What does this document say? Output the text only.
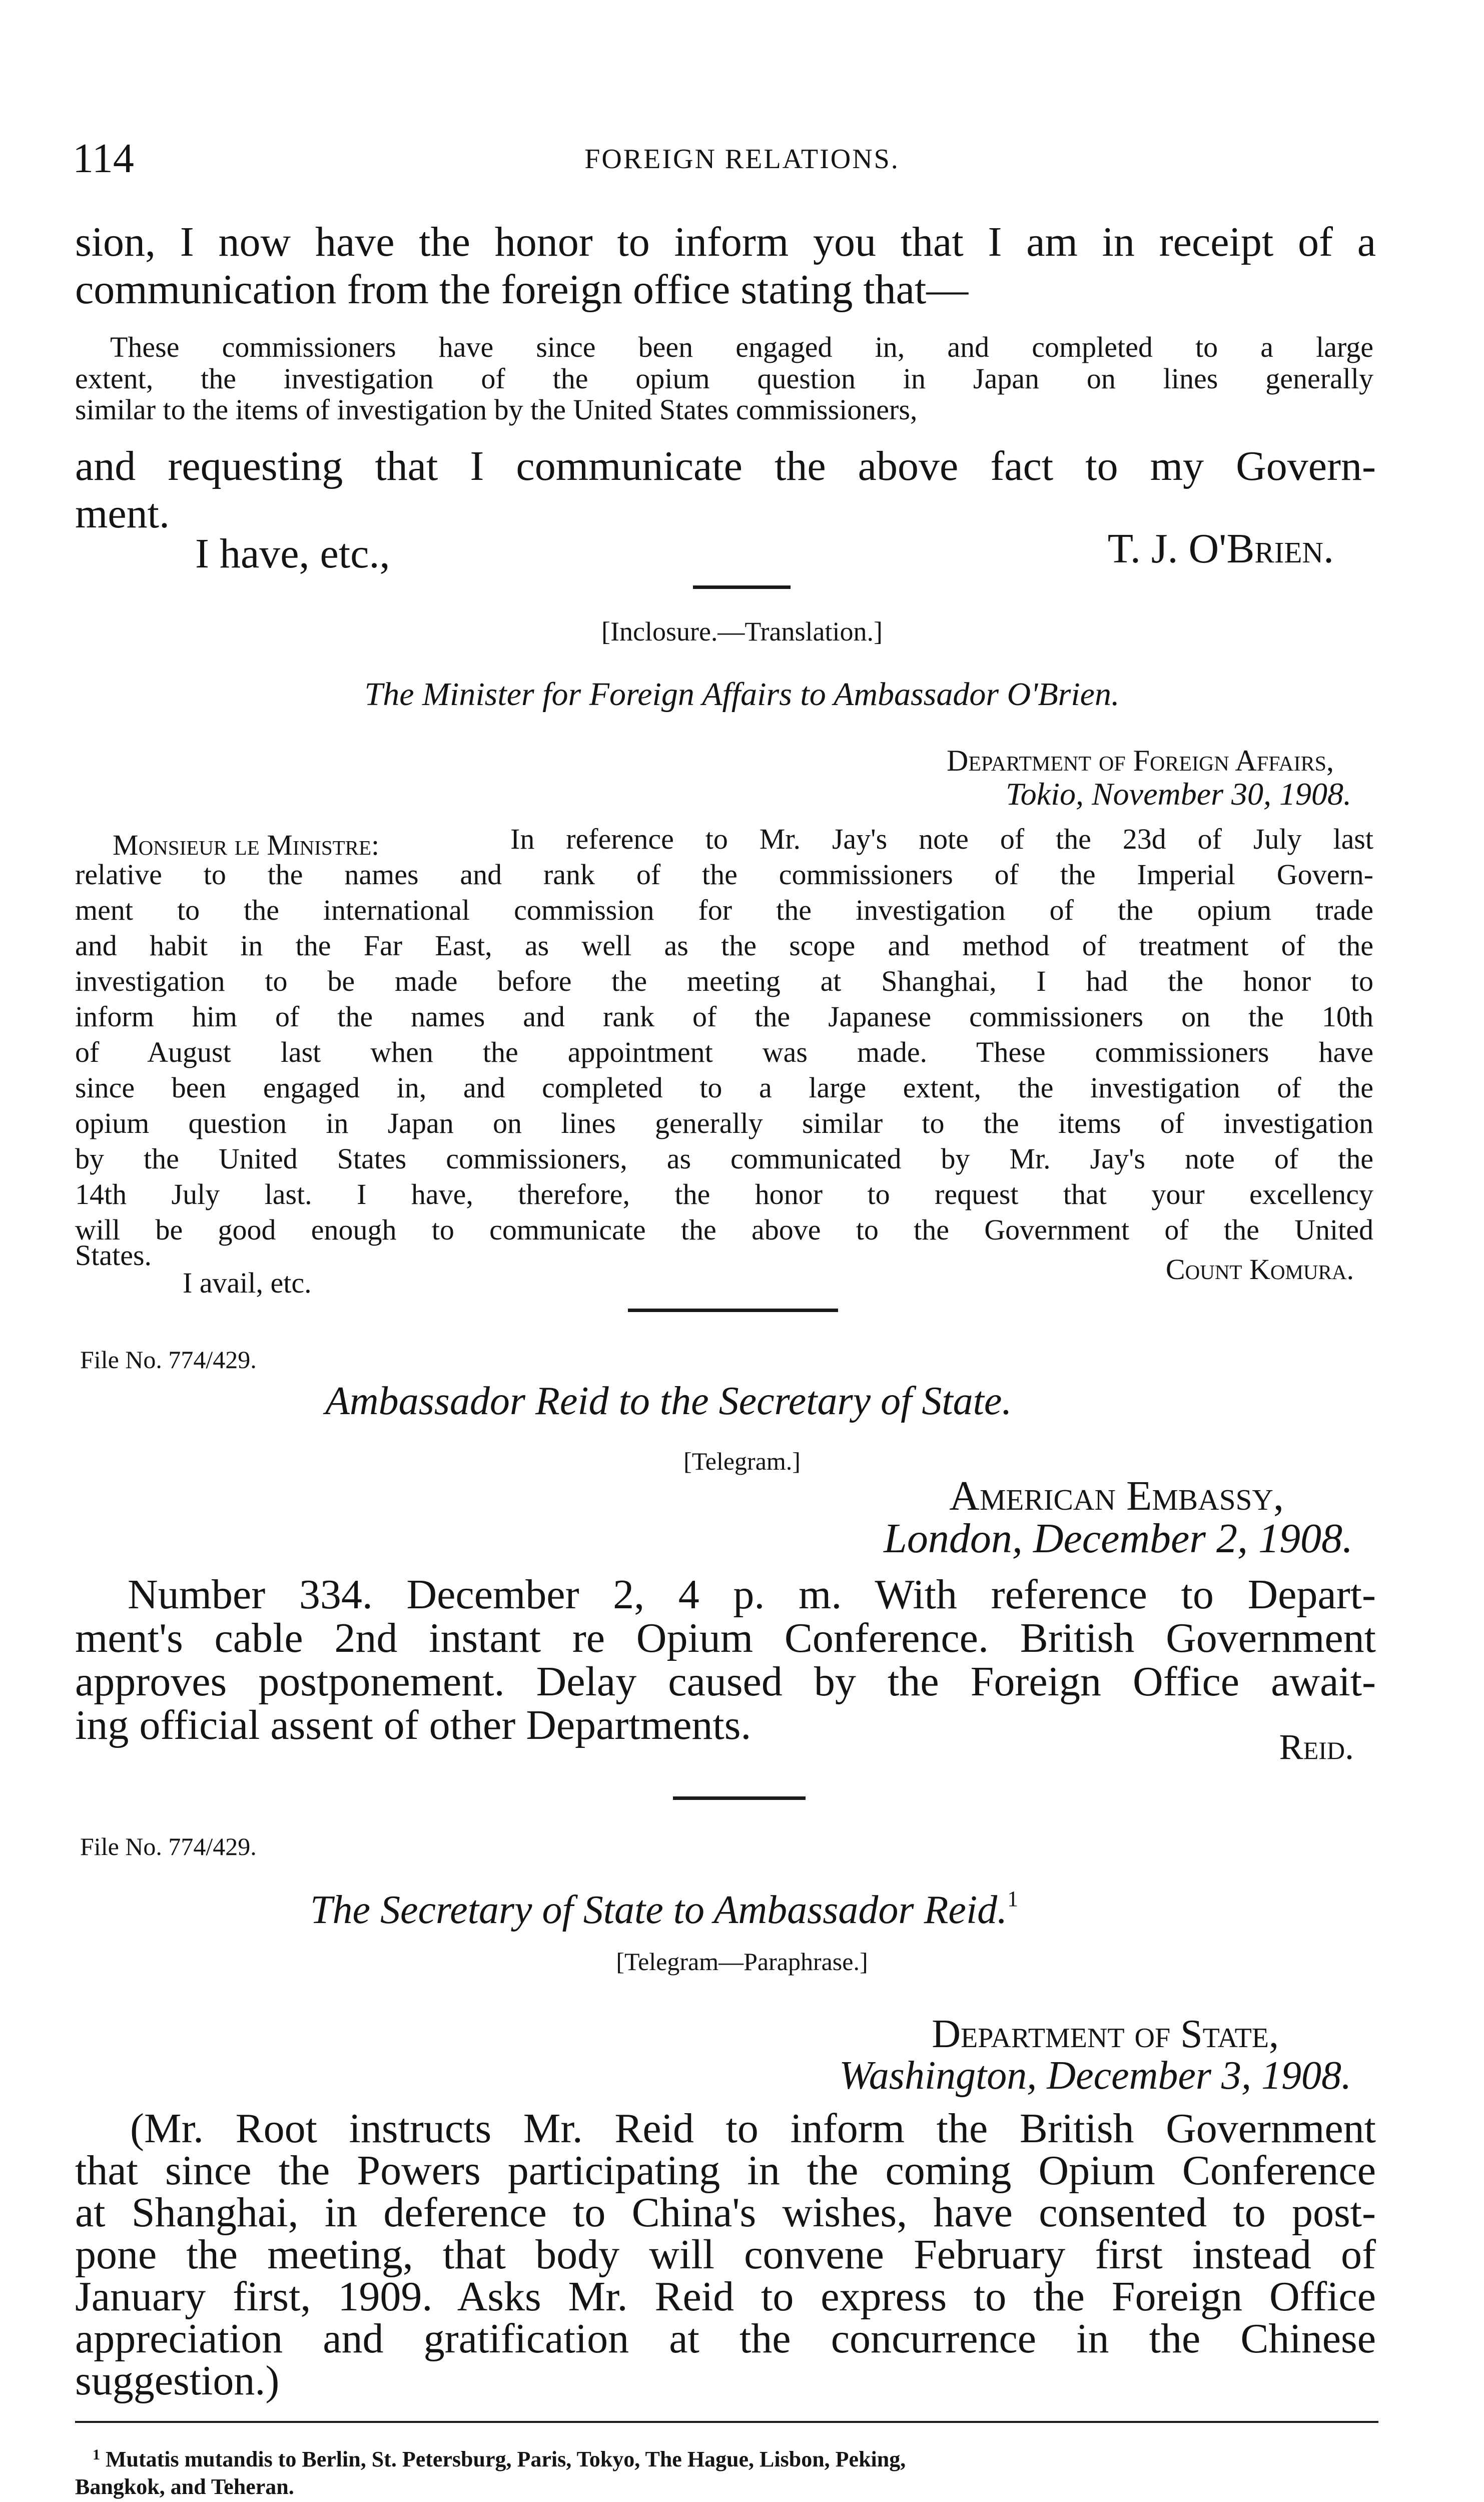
114	FOREIGN RELATIONS.
sion, I now have the honor to inform you that I am in receipt of a
communication from the foreign office stating that—
These commissioners have since been engaged in, and completed to a large
extent, the investigation of the opium question in Japan on lines generally
similar to the items of investigation by the United States commissioners,
and requesting that I communicate the above fact to my Govern-
ment.
I have, etc.,	T. J. O'Brien.
[Inclosure.—Translation.]
The Minister for Foreign Affairs to Ambassador O'Brien.
Department of Foreign Affairs,
Tokio, November 30, 1908.
Monsieur le Ministre:	In reference to Mr. Jay's note of the 23d of July last
relative to the names and rank of the commissioners of the Imperial Govern-
ment to the international commission for the investigation of the opium trade
and habit in the Far East, as well as the scope and method of treatment of the
investigation to be made before the meeting at Shanghai, I had the honor to
inform him of the names and rank of the Japanese commissioners on the 10th
of August last when the appointment was made. These commissioners have
since been engaged in, and completed to a large extent, the investigation of the
opium question in Japan on lines generally similar to the items of investigation
by the United States commissioners, as communicated by Mr. Jay's note of the
14th July last. I have, therefore, the honor to request that your excellency
will be good enough to communicate the above to the Government of the United
States.
I avail, etc.	Count Komura.
File No. 774/429.
Ambassador Reid to the Secretary of State.
[Telegram.]
American Embassy,
London, December 2, 1908.
Number 334. December 2, 4 p. m. With reference to Depart-
ment's cable 2nd instant re Opium Conference. British Government
approves postponement. Delay caused by the Foreign Office await-
ing official assent of other Departments.	Reid.
File No. 774/429.
The Secretary of State to Ambassador Reid.$^1$
[Telegram—Paraphrase.]
Department of State,
Washington, December 3, 1908.
(Mr. Root instructs Mr. Reid to inform the British Government
that since the Powers participating in the coming Opium Conference
at Shanghai, in deference to China's wishes, have consented to post-
pone the meeting, that body will convene February first instead of
January first, 1909. Asks Mr. Reid to express to the Foreign Office
appreciation and gratification at the concurrence in the Chinese
suggestion.)
$^1$ Mutatis mutandis to Berlin, St. Petersburg, Paris, Tokyo, The Hague, Lisbon, Peking,
Bangkok, and Teheran.
